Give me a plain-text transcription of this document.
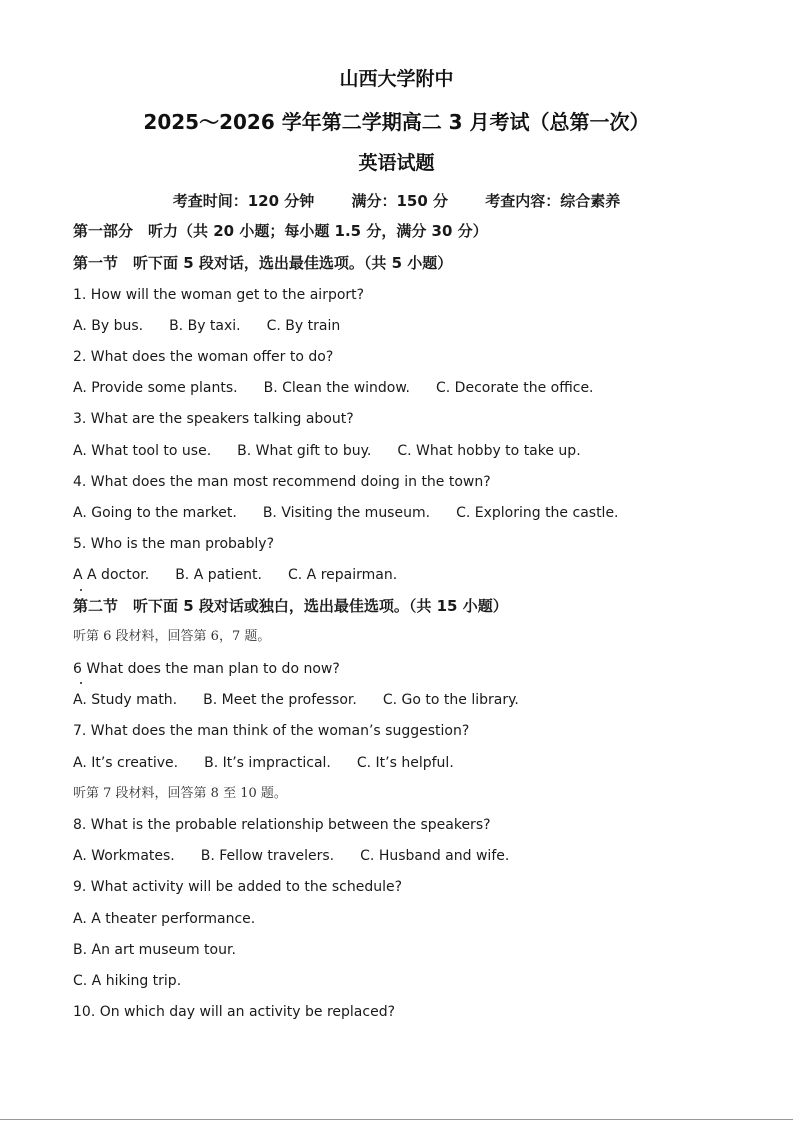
山西大学附中
2025～2026 学年第二学期高二 3 月考试（总第一次）
英语试题
考查时间：120 分钟 满分：150 分 考查内容：综合素养
第一部分　听力（共 20 小题；每小题 1.5 分，满分 30 分）
第一节　听下面 5 段对话，选出最佳选项。（共 5 小题）
1. How will the woman get to the airport?
A. By bus. B. By taxi. C. By train
2. What does the woman offer to do?
A. Provide some plants. B. Clean the window. C. Decorate the office.
3. What are the speakers talking about?
A. What tool to use. B. What gift to buy. C. What hobby to take up.
4. What does the man most recommend doing in the town?
A. Going to the market. B. Visiting the museum. C. Exploring the castle.
5. Who is the man probably?
A A doctor. B. A patient. C. A repairman.
第二节　听下面 5 段对话或独白，选出最佳选项。（共 15 小题）
听第 6 段材料，回答第 6，7 题。
6 What does the man plan to do now?
A. Study math. B. Meet the professor. C. Go to the library.
7. What does the man think of the woman’s suggestion?
A. It’s creative. B. It’s impractical. C. It’s helpful.
听第 7 段材料，回答第 8 至 10 题。
8. What is the probable relationship between the speakers?
A. Workmates. B. Fellow travelers. C. Husband and wife.
9. What activity will be added to the schedule?
A. A theater performance.
B. An art museum tour.
C. A hiking trip.
10. On which day will an activity be replaced?
